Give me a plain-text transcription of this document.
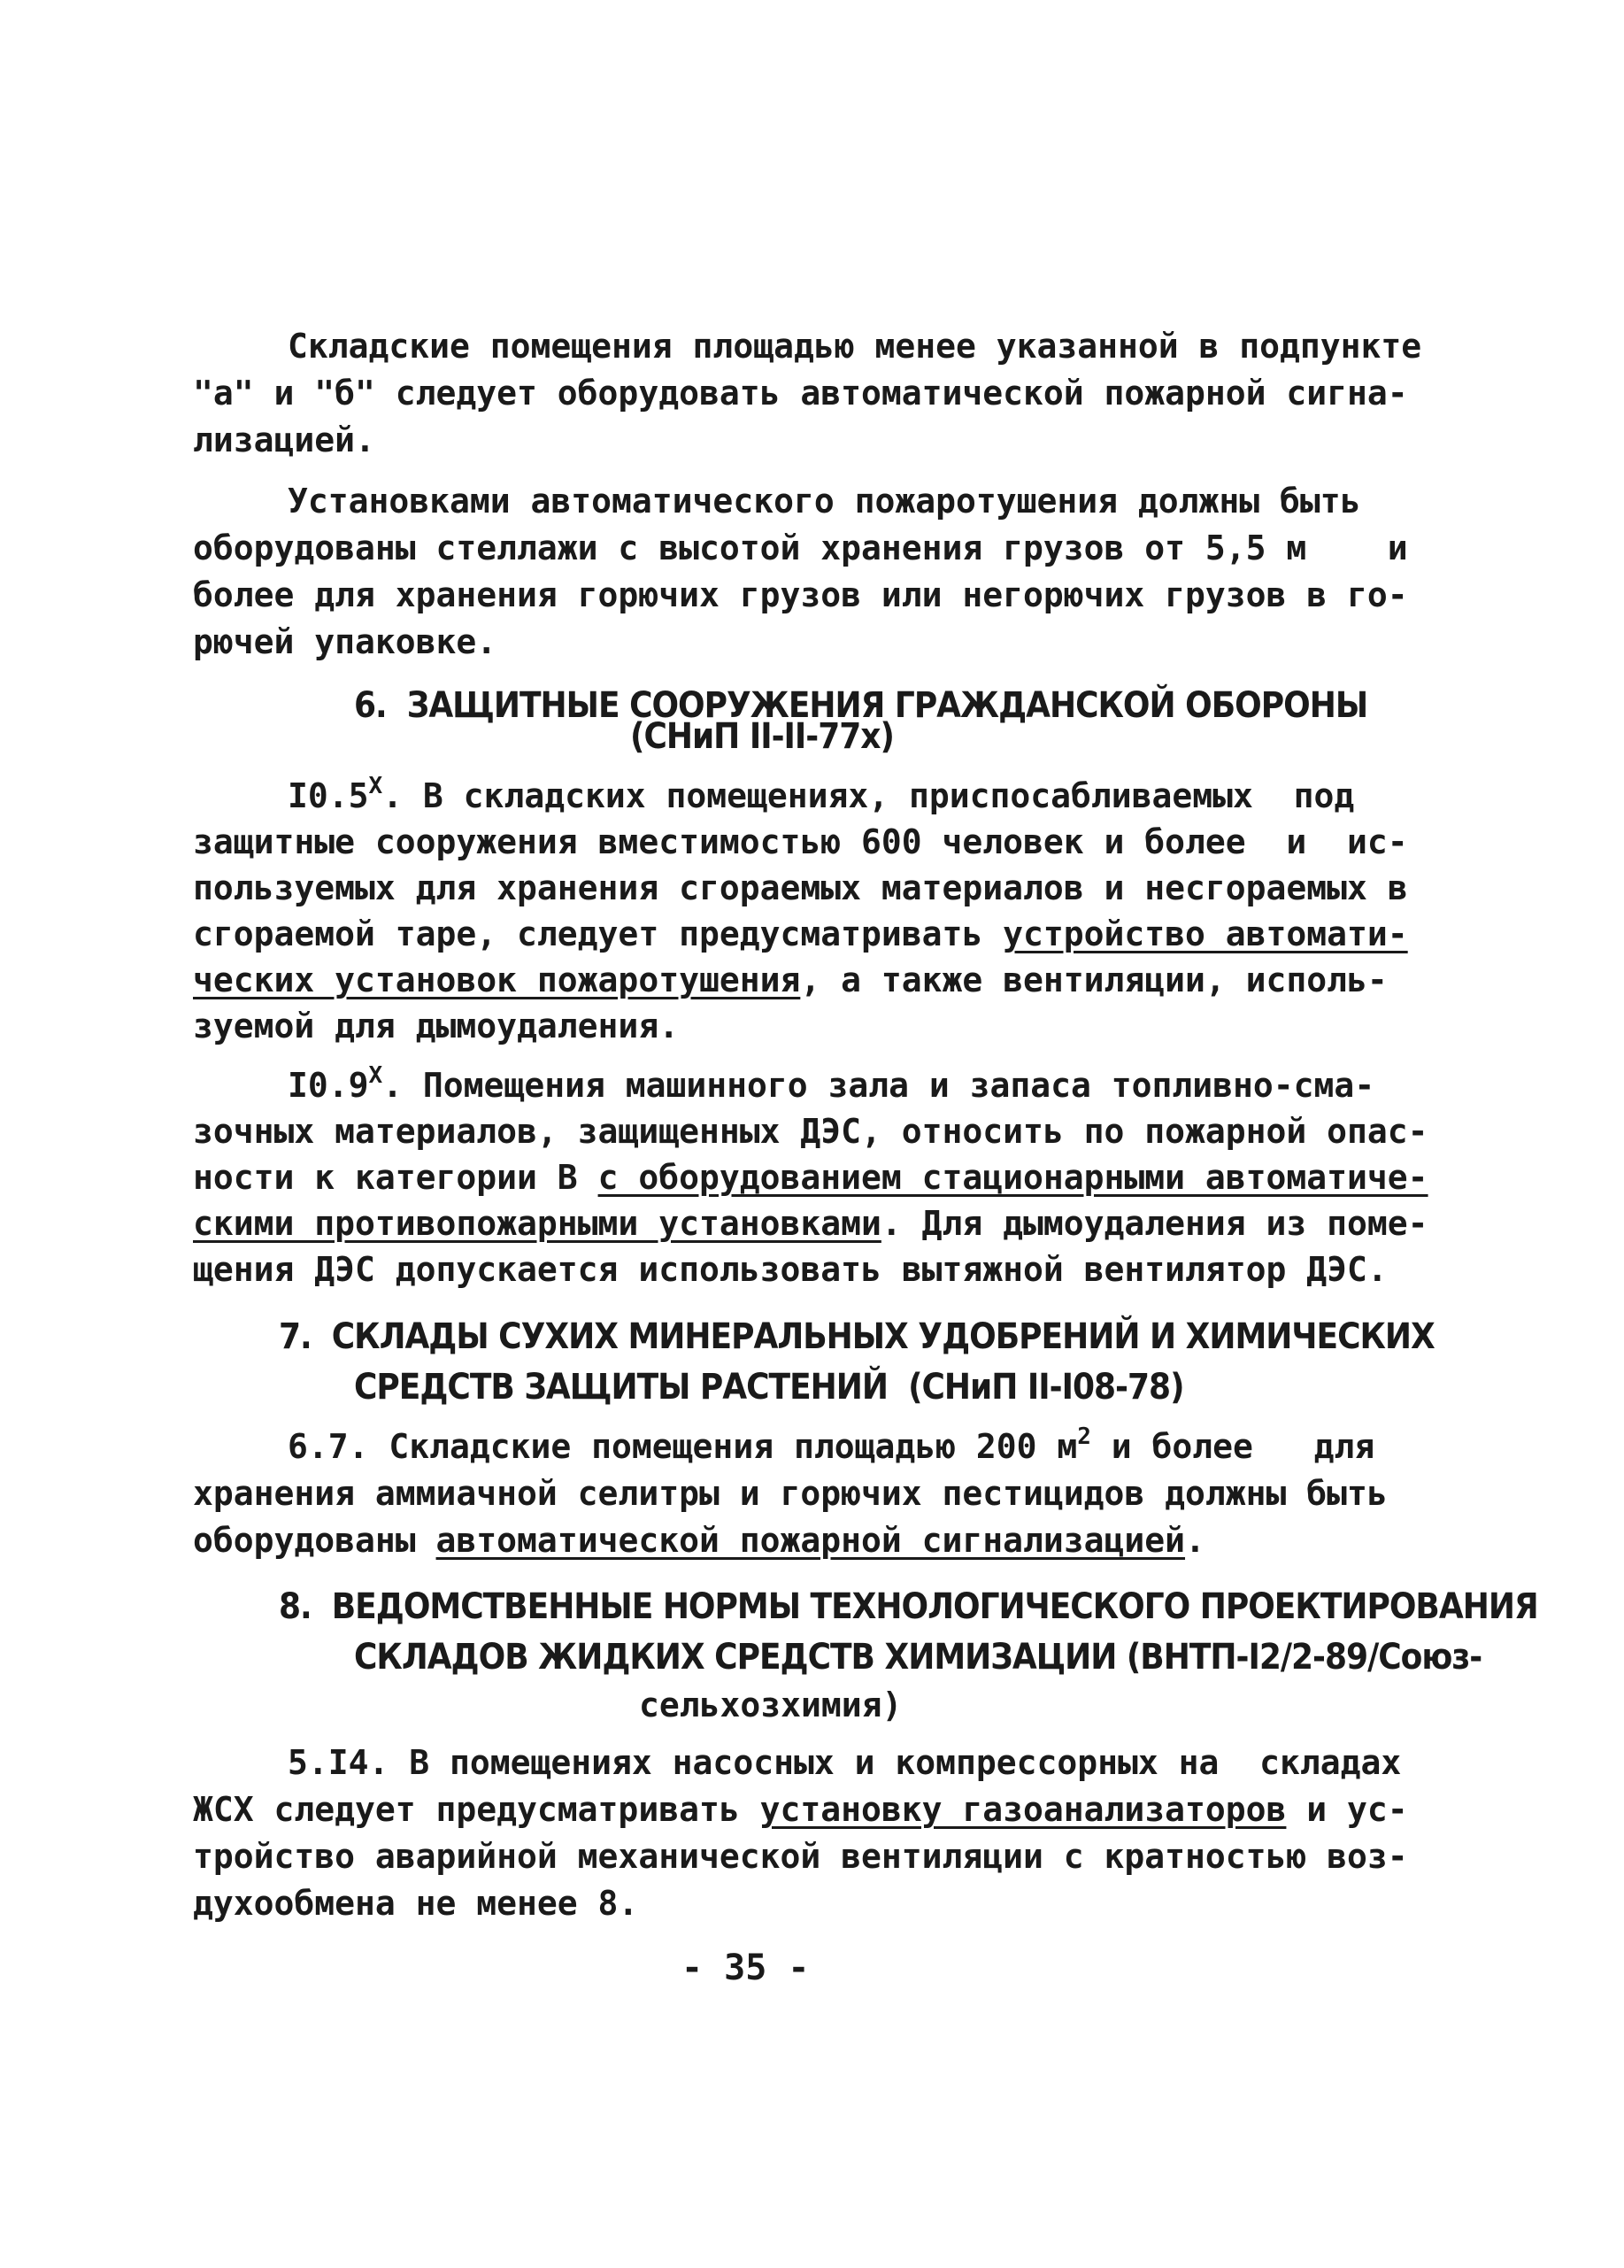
Складские помещения площадью менее указанной в подпункте
"а" и "б" следует оборудовать автоматической пожарной сигна-
лизацией.
Установками автоматического пожаротушения должны быть
оборудованы стеллажи с высотой хранения грузов от 5,5 м    и
более для хранения горючих грузов или негорючих грузов в го-
рючей упаковке.
6.  ЗАЩИТНЫЕ СООРУЖЕНИЯ ГРАЖДАНСКОЙ ОБОРОНЫ
(СНиП II-II-77х)
$I0.5^Х$. В складских помещениях, приспосабливаемых  под
защитные сооружения вместимостью 600 человек и более  и  ис-
пользуемых для хранения сгораемых материалов и несгораемых в
сгораемой таре, следует предусматривать устройство автомати-
ческих установок пожаротушения, а также вентиляции, исполь-
зуемой для дымоудаления.
$I0.9^Х$. Помещения машинного зала и запаса топливно-сма-
зочных материалов, защищенных ДЭС, относить по пожарной опас-
ности к категории В с оборудованием стационарными автоматиче-
скими противопожарными установками. Для дымоудаления из поме-
щения ДЭС допускается использовать вытяжной вентилятор ДЭС.
7.  СКЛАДЫ СУХИХ МИНЕРАЛЬНЫХ УДОБРЕНИЙ И ХИМИЧЕСКИХ
СРЕДСТВ ЗАЩИТЫ РАСТЕНИЙ  (СНиП II-I08-78)
6.7. Складские помещения площадью 200 $м^2$ и более   для
хранения аммиачной селитры и горючих пестицидов должны быть
оборудованы автоматической пожарной сигнализацией.
8.  ВЕДОМСТВЕННЫЕ НОРМЫ ТЕХНОЛОГИЧЕСКОГО ПРОЕКТИРОВАНИЯ
СКЛАДОВ ЖИДКИХ СРЕДСТВ ХИМИЗАЦИИ (ВНТП-I2/2-89/Союз-
сельхозхимия)
5.I4. В помещениях насосных и компрессорных на  складах
ЖСХ следует предусматривать установку газоанализаторов и ус-
тройство аварийной механической вентиляции с кратностью воз-
духообмена не менее 8.
- 35 -
